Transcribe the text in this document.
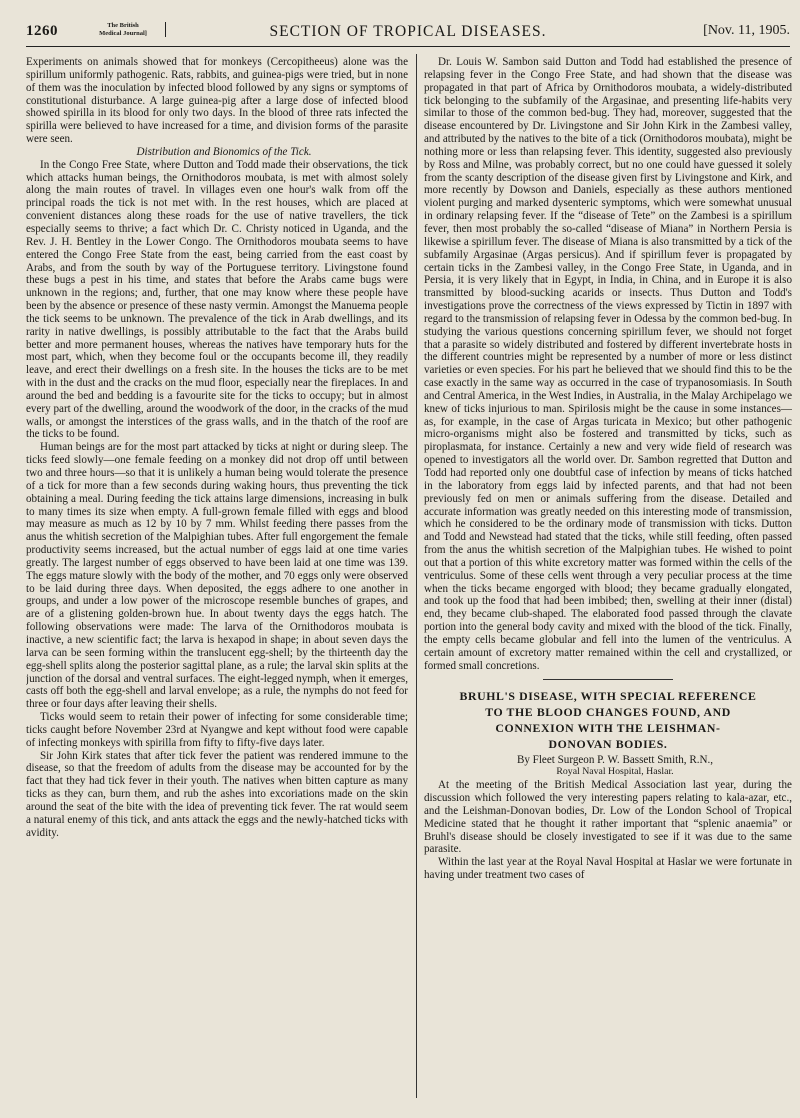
1260	The British
Medical Journal]	SECTION OF TROPICAL DISEASES.	[Nov. 11, 1905.

Experiments on animals showed that for monkeys (Cercopitheeus) alone was the spirillum uniformly pathogenic. Rats, rabbits, and guinea-pigs were tried, but in none of them was the inoculation by infected blood followed by any signs or symptoms of constitutional disturbance. A large guinea-pig after a large dose of infected blood showed spirilla in its blood for only two days. In the blood of three rats infected the spirilla were believed to have increased for a time, and division forms of the parasite were seen.

Distribution and Bionomics of the Tick.

In the Congo Free State, where Dutton and Todd made their observations, the tick which attacks human beings, the Ornithodoros moubata, is met with almost solely along the main routes of travel. In villages even one hour's walk from off the principal roads the tick is not met with. In the rest houses, which are placed at convenient distances along these roads for the use of native travellers, the tick especially seems to thrive; a fact which Dr. C. Christy noticed in Uganda, and the Rev. J. H. Bentley in the Lower Congo. The Ornithodoros moubata seems to have entered the Congo Free State from the east, being carried from the east coast by Arabs, and from the south by way of the Portuguese territory. Livingstone found these bugs a pest in his time, and states that before the Arabs came bugs were unknown in the regions; and, further, that one may know where these people have been by the absence or presence of these nasty vermin. Amongst the Manuema people the tick seems to be unknown. The prevalence of the tick in Arab dwellings, and its rarity in native dwellings, is possibly attributable to the fact that the Arabs build better and more permanent houses, whereas the natives have temporary huts for the most part, which, when they become foul or the occupants become ill, they readily leave, and erect their dwellings on a fresh site. In the houses the ticks are to be met with in the dust and the cracks on the mud floor, especially near the fireplaces. In and around the bed and bedding is a favourite site for the ticks to occupy; but in almost every part of the dwelling, around the woodwork of the door, in the cracks of the mud walls, or amongst the interstices of the grass walls, and in the thatch of the roof are the ticks to be found.

Human beings are for the most part attacked by ticks at night or during sleep. The ticks feed slowly—one female feeding on a monkey did not drop off until between two and three hours—so that it is unlikely a human being would tolerate the presence of a tick for more than a few seconds during waking hours, thus preventing the tick obtaining a meal. During feeding the tick attains large dimensions, increasing in bulk to many times its size when empty. A full-grown female filled with eggs and blood may measure as much as 12 by 10 by 7 mm. Whilst feeding there passes from the anus the whitish secretion of the Malpighian tubes. After full engorgement the female productivity seems increased, but the actual number of eggs laid at one time varies greatly. The largest number of eggs observed to have been laid at one time was 139. The eggs mature slowly with the body of the mother, and 70 eggs only were observed to be laid during three days. When deposited, the eggs adhere to one another in groups, and under a low power of the microscope resemble bunches of grapes, and are of a glistening golden-brown hue. In about twenty days the eggs hatch. The following observations were made: The larva of the Ornithodoros moubata is inactive, a new scientific fact; the larva is hexapod in shape; in about seven days the larva can be seen forming within the translucent egg-shell; by the thirteenth day the egg-shell splits along the posterior sagittal plane, as a rule; the larval skin splits at the junction of the dorsal and ventral surfaces. The eight-legged nymph, when it emerges, casts off both the egg-shell and larval envelope; as a rule, the nymphs do not feed for three or four days after leaving their shells.

Ticks would seem to retain their power of infecting for some considerable time; ticks caught before November 23rd at Nyangwe and kept without food were capable of infecting monkeys with spirilla from fifty to fifty-five days later.

Sir John Kirk states that after tick fever the patient was rendered immune to the disease, so that the freedom of adults from the disease may be accounted for by the fact that they had tick fever in their youth. The natives when bitten capture as many ticks as they can, burn them, and rub the ashes into excoriations made on the skin around the seat of the bite with the idea of preventing tick fever. The rat would seem a natural enemy of this tick, and ants attack the eggs and the newly-hatched ticks with avidity.

Dr. Louis W. Sambon said Dutton and Todd had established the presence of relapsing fever in the Congo Free State, and had shown that the disease was propagated in that part of Africa by Ornithodoros moubata, a widely-distributed tick belonging to the subfamily of the Argasinae, and presenting life-habits very similar to those of the common bed-bug. They had, moreover, suggested that the disease encountered by Dr. Livingstone and Sir John Kirk in the Zambesi valley, and attributed by the natives to the bite of a tick (Ornithodoros moubata), might be nothing more or less than relapsing fever. This identity, suggested also previously by Ross and Milne, was probably correct, but no one could have guessed it solely from the scanty description of the disease given first by Livingstone and Kirk, and more recently by Dowson and Daniels, especially as these authors mentioned violent purging and marked dysenteric symptoms, which were somewhat unusual in ordinary relapsing fever. If the “disease of Tete” on the Zambesi is a spirillum fever, then most probably the so-called “disease of Miana” in Northern Persia is likewise a spirillum fever. The disease of Miana is also transmitted by a tick of the subfamily Argasinae (Argas persicus). And if spirillum fever is propagated by certain ticks in the Zambesi valley, in the Congo Free State, in Uganda, and in Persia, it is very likely that in Egypt, in India, in China, and in Europe it is also transmitted by blood-sucking acarids or insects. Thus Dutton and Todd's investigations prove the correctness of the views expressed by Tictin in 1897 with regard to the transmission of relapsing fever in Odessa by the common bed-bug. In studying the various questions concerning spirillum fever, we should not forget that a parasite so widely distributed and fostered by different invertebrate hosts in the different countries might be represented by a number of more or less distinct varieties or even species. For his part he believed that we should find this to be the case exactly in the same way as occurred in the case of trypanosomiasis. In South and Central America, in the West Indies, in Australia, in the Malay Archipelago we knew of ticks injurious to man. Spirilosis might be the cause in some instances—as, for example, in the case of Argas turicata in Mexico; but other pathogenic micro-organisms might also be fostered and transmitted by ticks, such as piroplasmata, for instance. Certainly a new and very wide field of research was opened to investigators all the world over. Dr. Sambon regretted that Dutton and Todd had reported only one doubtful case of infection by means of ticks hatched in the laboratory from eggs laid by infected parents, and that had not been previously fed on men or animals suffering from the disease. Detailed and accurate information was greatly needed on this interesting mode of transmission, which he considered to be the ordinary mode of transmission with ticks. Dutton and Todd and Newstead had stated that the ticks, while still feeding, often passed from the anus the whitish secretion of the Malpighian tubes. He wished to point out that a portion of this white excretory matter was formed within the cells of the ventriculus. Some of these cells went through a very peculiar process at the time when the ticks became engorged with blood; they became gradually elongated, and took up the food that had been imbibed; then, swelling at their inner (distal) end, they became club-shaped. The elaborated food passed through the clavate portion into the general body cavity and mixed with the blood of the tick. Finally, the empty cells became globular and fell into the lumen of the ventriculus. A certain amount of excretory matter remained within the cell and crystallized, or formed small concretions.

BRUHL'S DISEASE, WITH SPECIAL REFERENCE
TO THE BLOOD CHANGES FOUND, AND
CONNEXION WITH THE LEISHMAN-
DONOVAN BODIES.

By Fleet Surgeon P. W. Bassett Smith, R.N.,

Royal Naval Hospital, Haslar.

At the meeting of the British Medical Association last year, during the discussion which followed the very interesting papers relating to kala-azar, etc., and the Leishman-Donovan bodies, Dr. Low of the London School of Tropical Medicine stated that he thought it rather important that “splenic anaemia” or Bruhl's disease should be closely investigated to see if it was due to the same parasite.

Within the last year at the Royal Naval Hospital at Haslar we were fortunate in having under treatment two cases of
